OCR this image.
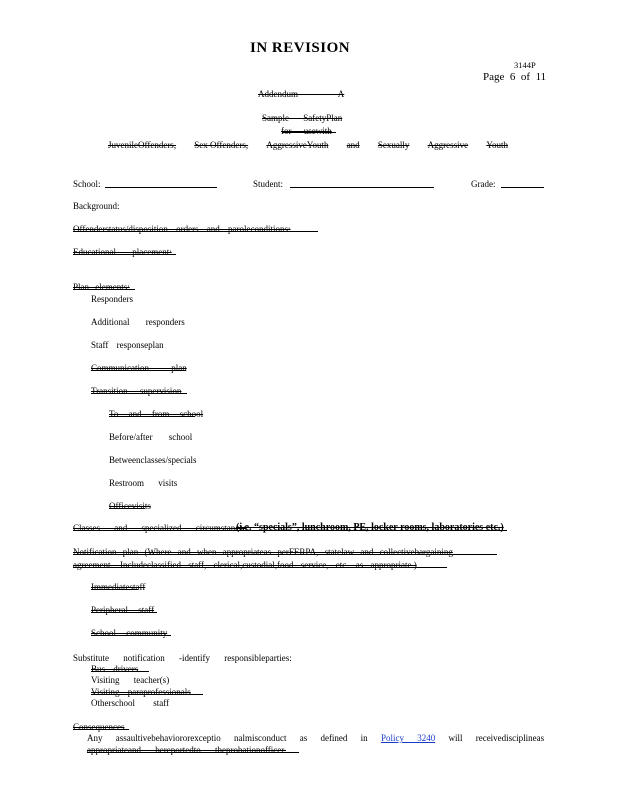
IN REVISION
3144P
Page 6 of 11
Addendum A
Sample SafetyPlan
for usewith
JuvenileOffenders, Sex Offenders, AggressiveYouth and Sexually Aggressive Youth
School:	Student:	Grade:
Background:
Offenderstatus/disposition orders and paroleconditions:
Educational placement:
Plan elements:
Responders
Additional responders
Staff responseplan
Communication plan
Transition supervision
To and from school
Before/after school
Betweenclasses/specials
Restroom visits
Officevisits
Classes and specialized circumstances
(i.e. “specials”, lunchroom, PE, locker rooms, laboratories etc.)
Notification plan (Where and when appropriateas perFERPA, statelaw and collectivebargaining
agreement. Includeclassified staff, clerical,custodial,food service, etc. as appropriate.)
Immediatestaff
Peripheral staff
School community
Substitute notification -identify responsibleparties:
Bus drivers
Visiting teacher(s)
Visiting paraprofessionals
Otherschool staff
Consequences
Any assaultivebehaviororexceptio nalmisconduct as defined in Policy 3240 will receivedisciplineas
appropriateand bereportedto theprobationofficer.
